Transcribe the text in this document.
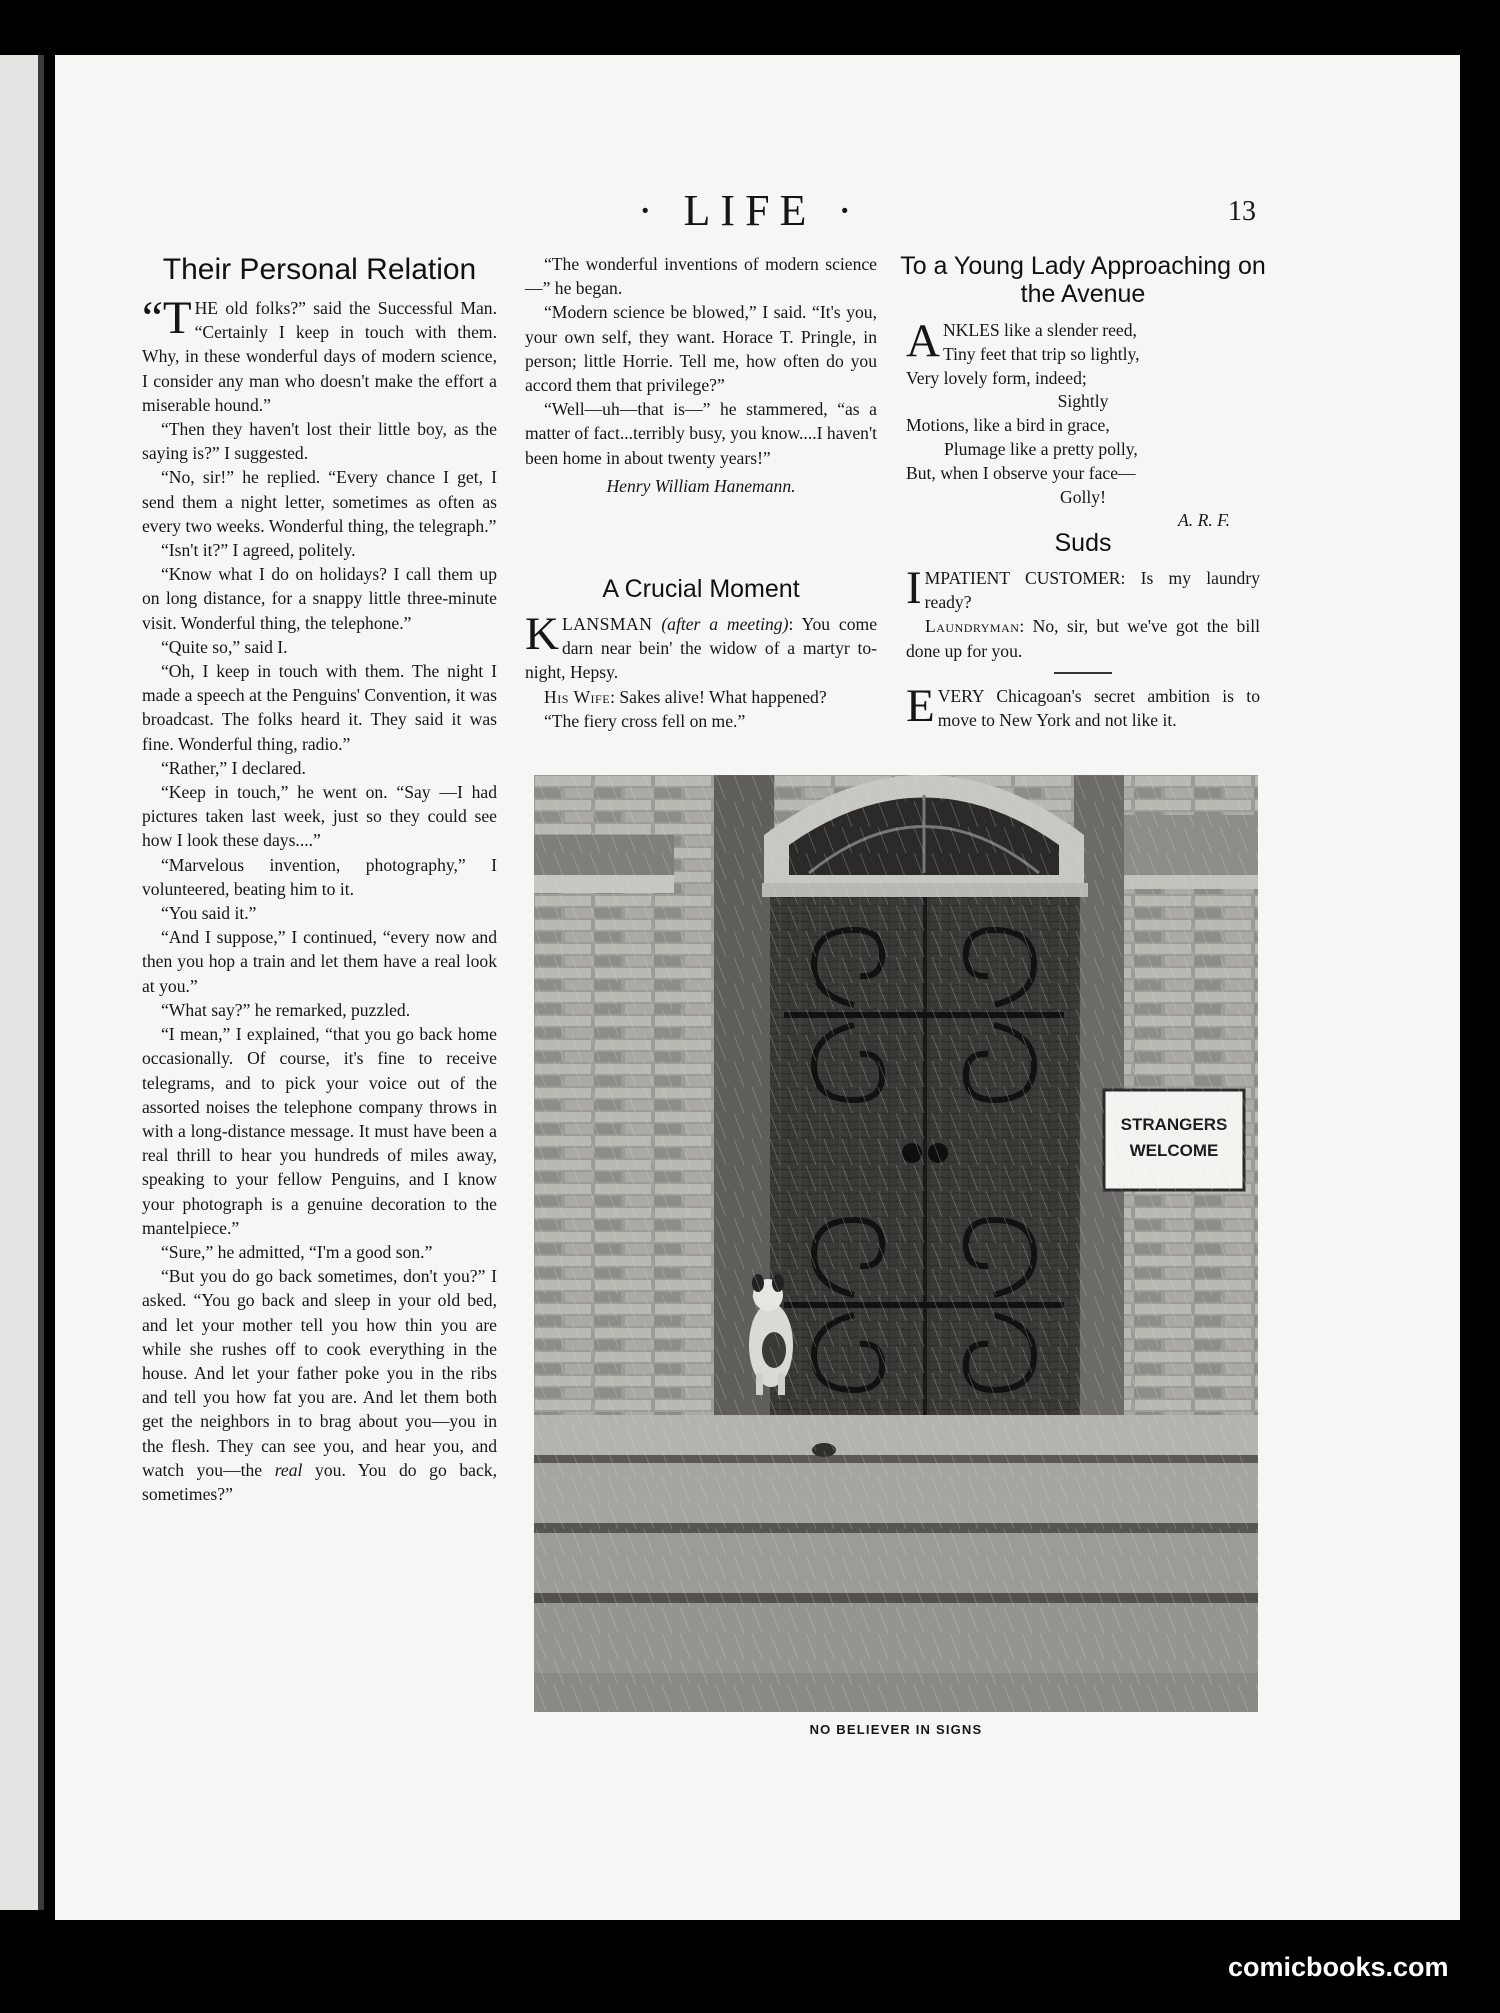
· LIFE ·	13
Their Personal Relation

“THE old folks?” said the Successful Man. “Certainly I keep in touch with them. Why, in these wonderful days of modern science, I consider any man who doesn't make the effort a miserable hound.”

“Then they haven't lost their little boy, as the saying is?” I suggested.

“No, sir!” he replied. “Every chance I get, I send them a night letter, sometimes as often as every two weeks. Wonderful thing, the telegraph.”

“Isn't it?” I agreed, politely.

“Know what I do on holidays? I call them up on long distance, for a snappy little three-minute visit. Wonderful thing, the telephone.”

“Quite so,” said I.

“Oh, I keep in touch with them. The night I made a speech at the Penguins' Convention, it was broadcast. The folks heard it. They said it was fine. Wonderful thing, radio.”

“Rather,” I declared.

“Keep in touch,” he went on. “Say —I had pictures taken last week, just so they could see how I look these days....”

“Marvelous invention, photography,” I volunteered, beating him to it.

“You said it.”

“And I suppose,” I continued, “every now and then you hop a train and let them have a real look at you.”

“What say?” he remarked, puzzled.

“I mean,” I explained, “that you go back home occasionally. Of course, it's fine to receive telegrams, and to pick your voice out of the assorted noises the telephone company throws in with a long-distance message. It must have been a real thrill to hear you hundreds of miles away, speaking to your fellow Penguins, and I know your photograph is a genuine decoration to the mantelpiece.”

“Sure,” he admitted, “I'm a good son.”

“But you do go back sometimes, don't you?” I asked. “You go back and sleep in your old bed, and let your mother tell you how thin you are while she rushes off to cook everything in the house. And let your father poke you in the ribs and tell you how fat you are. And let them both get the neighbors in to brag about you—you in the flesh. They can see you, and hear you, and watch you—the real you. You do go back, sometimes?”

“The wonderful inventions of modern science—” he began.

“Modern science be blowed,” I said. “It's you, your own self, they want. Horace T. Pringle, in person; little Horrie. Tell me, how often do you accord them that privilege?”

“Well—uh—that is—” he stammered, “as a matter of fact...terribly busy, you know....I haven't been home in about twenty years!”

Henry William Hanemann.
A Crucial Moment

KLANSMAN (after a meeting): You come darn near bein' the widow of a martyr to-night, Hepsy.

His Wife: Sakes alive! What happened?

“The fiery cross fell on me.”

To a Young Lady Approaching on the Avenue
ANKLES like a slender reed,
Tiny feet that trip so lightly,
Very lovely form, indeed;
Sightly
Motions, like a bird in grace,
Plumage like a pretty polly,
But, when I observe your face—
Golly!
A. R. F.
Suds

IMPATIENT CUSTOMER: Is my laundry ready?

Laundryman: No, sir, but we've got the bill done up for you.

EVERY Chicagoan's secret ambition is to move to New York and not like it.

NO BELIEVER IN SIGNS
comicbooks.com
